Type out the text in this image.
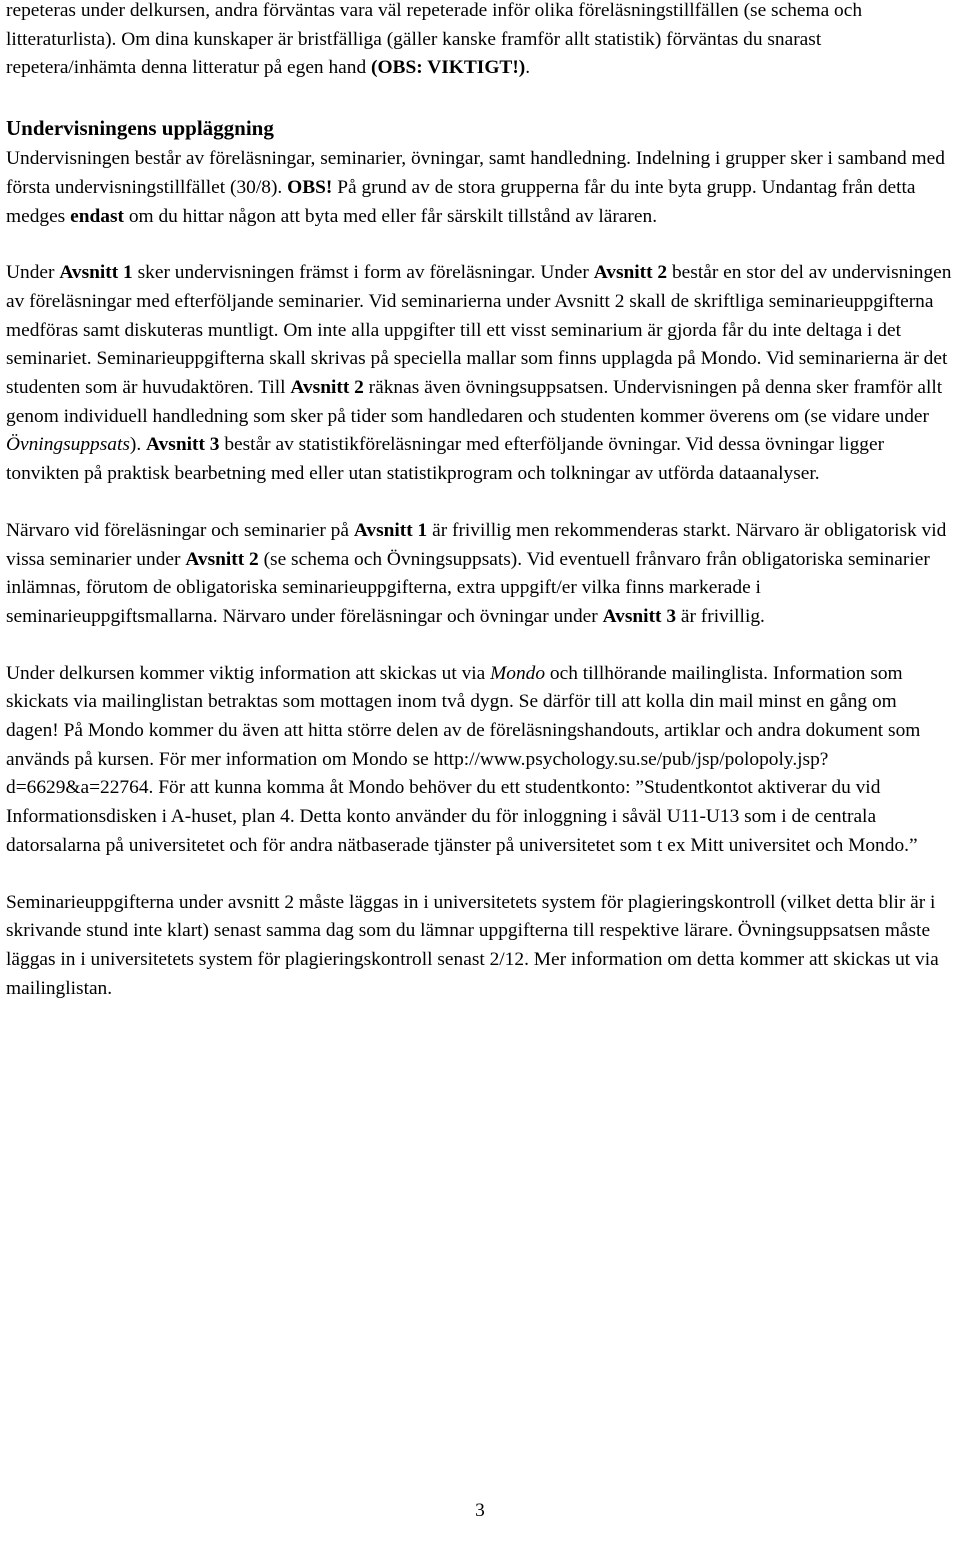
repeteras under delkursen, andra förväntas vara väl repeterade inför olika föreläsningstillfällen (se schema och litteraturlista). Om dina kunskaper är bristfälliga (gäller kanske framför allt statistik) förväntas du snarast repetera/inhämta denna litteratur på egen hand (OBS: VIKTIGT!).

Undervisningens uppläggning

Undervisningen består av föreläsningar, seminarier, övningar, samt handledning. Indelning i grupper sker i samband med första undervisningstillfället (30/8). OBS! På grund av de stora grupperna får du inte byta grupp. Undantag från detta medges endast om du hittar någon att byta med eller får särskilt tillstånd av läraren.

Under Avsnitt 1 sker undervisningen främst i form av föreläsningar. Under Avsnitt 2 består en stor del av undervisningen av föreläsningar med efterföljande seminarier. Vid seminarierna under Avsnitt 2 skall de skriftliga seminarieuppgifterna medföras samt diskuteras muntligt. Om inte alla uppgifter till ett visst seminarium är gjorda får du inte deltaga i det seminariet. Seminarieuppgifterna skall skrivas på speciella mallar som finns upplagda på Mondo. Vid seminarierna är det studenten som är huvudaktören. Till Avsnitt 2 räknas även övningsuppsatsen. Undervisningen på denna sker framför allt genom individuell handledning som sker på tider som handledaren och studenten kommer överens om (se vidare under Övningsuppsats). Avsnitt 3 består av statistikföreläsningar med efterföljande övningar. Vid dessa övningar ligger tonvikten på praktisk bearbetning med eller utan statistikprogram och tolkningar av utförda dataanalyser.

Närvaro vid föreläsningar och seminarier på Avsnitt 1 är frivillig men rekommenderas starkt. Närvaro är obligatorisk vid vissa seminarier under Avsnitt 2 (se schema och Övningsuppsats). Vid eventuell frånvaro från obligatoriska seminarier inlämnas, förutom de obligatoriska seminarieuppgifterna, extra uppgift/er vilka finns markerade i seminarieuppgiftsmallarna. Närvaro under föreläsningar och övningar under Avsnitt 3 är frivillig.

Under delkursen kommer viktig information att skickas ut via Mondo och tillhörande mailinglista. Information som skickats via mailinglistan betraktas som mottagen inom två dygn. Se därför till att kolla din mail minst en gång om dagen! På Mondo kommer du även att hitta större delen av de föreläsningshandouts, artiklar och andra dokument som används på kursen. För mer information om Mondo se http://www.psychology.su.se/pub/jsp/polopoly.jsp?d=6629&a=22764. För att kunna komma åt Mondo behöver du ett studentkonto: ”Studentkontot aktiverar du vid Informationsdisken i A-huset, plan 4. Detta konto använder du för inloggning i såväl U11-U13 som i de centrala datorsalarna på universitetet och för andra nätbaserade tjänster på universitetet som t ex Mitt universitet och Mondo.”

Seminarieuppgifterna under avsnitt 2 måste läggas in i universitetets system för plagieringskontroll (vilket detta blir är i skrivande stund inte klart) senast samma dag som du lämnar uppgifterna till respektive lärare. Övningsuppsatsen måste läggas in i universitetets system för plagieringskontroll senast 2/12. Mer information om detta kommer att skickas ut via mailinglistan.

3
